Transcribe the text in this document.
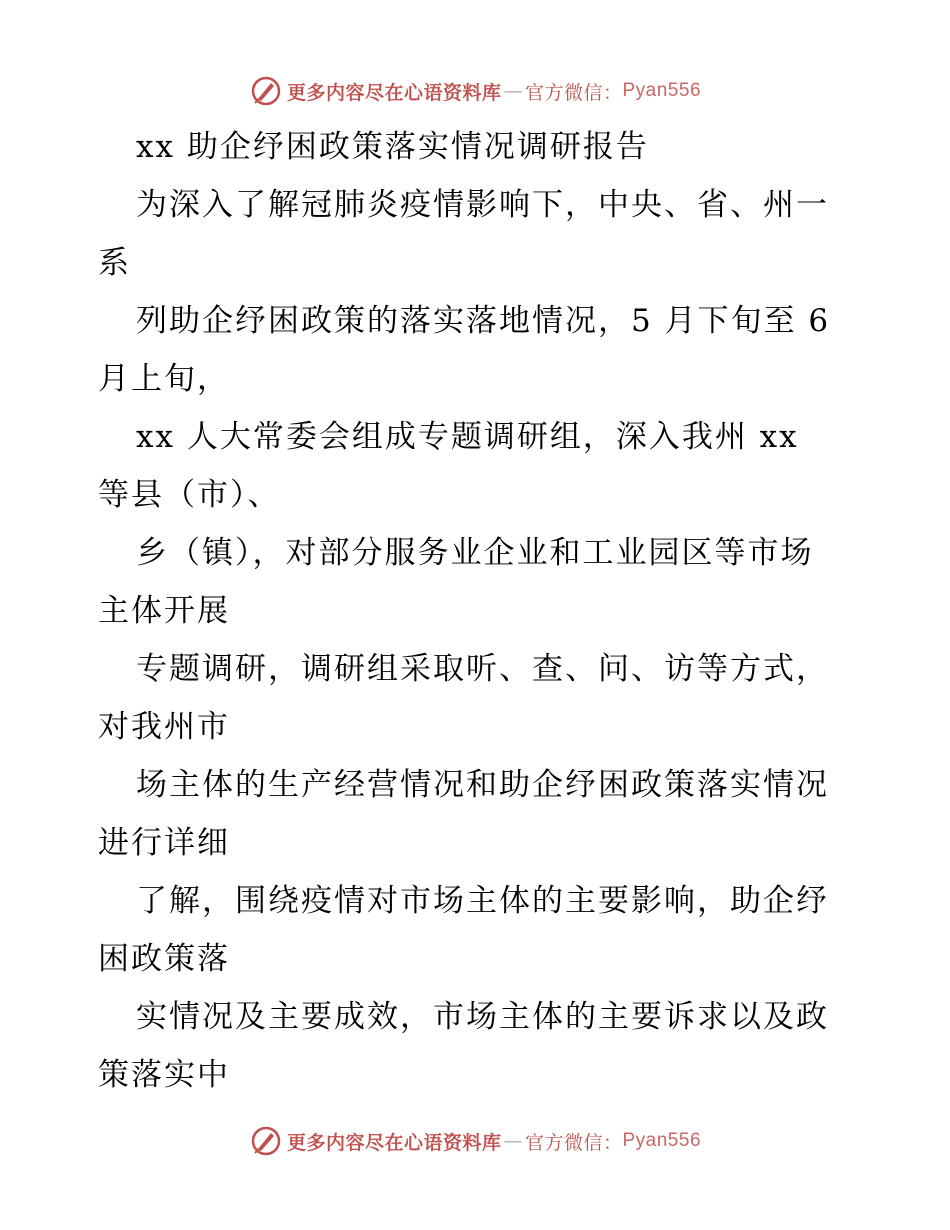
更多内容尽在心语资料库 — 官方微信： Pyan556
xx 助企纾困政策落实情况调研报告
为深入了解冠肺炎疫情影响下，中央、省、州一
系
列助企纾困政策的落实落地情况，5 月下旬至 6
月上旬，
xx 人大常委会组成专题调研组，深入我州 xx
等县（市）、
乡（镇），对部分服务业企业和工业园区等市场
主体开展
专题调研，调研组采取听、查、问、访等方式，
对我州市
场主体的生产经营情况和助企纾困政策落实情况
进行详细
了解，围绕疫情对市场主体的主要影响，助企纾
困政策落
实情况及主要成效，市场主体的主要诉求以及政
策落实中
更多内容尽在心语资料库 — 官方微信： Pyan556
